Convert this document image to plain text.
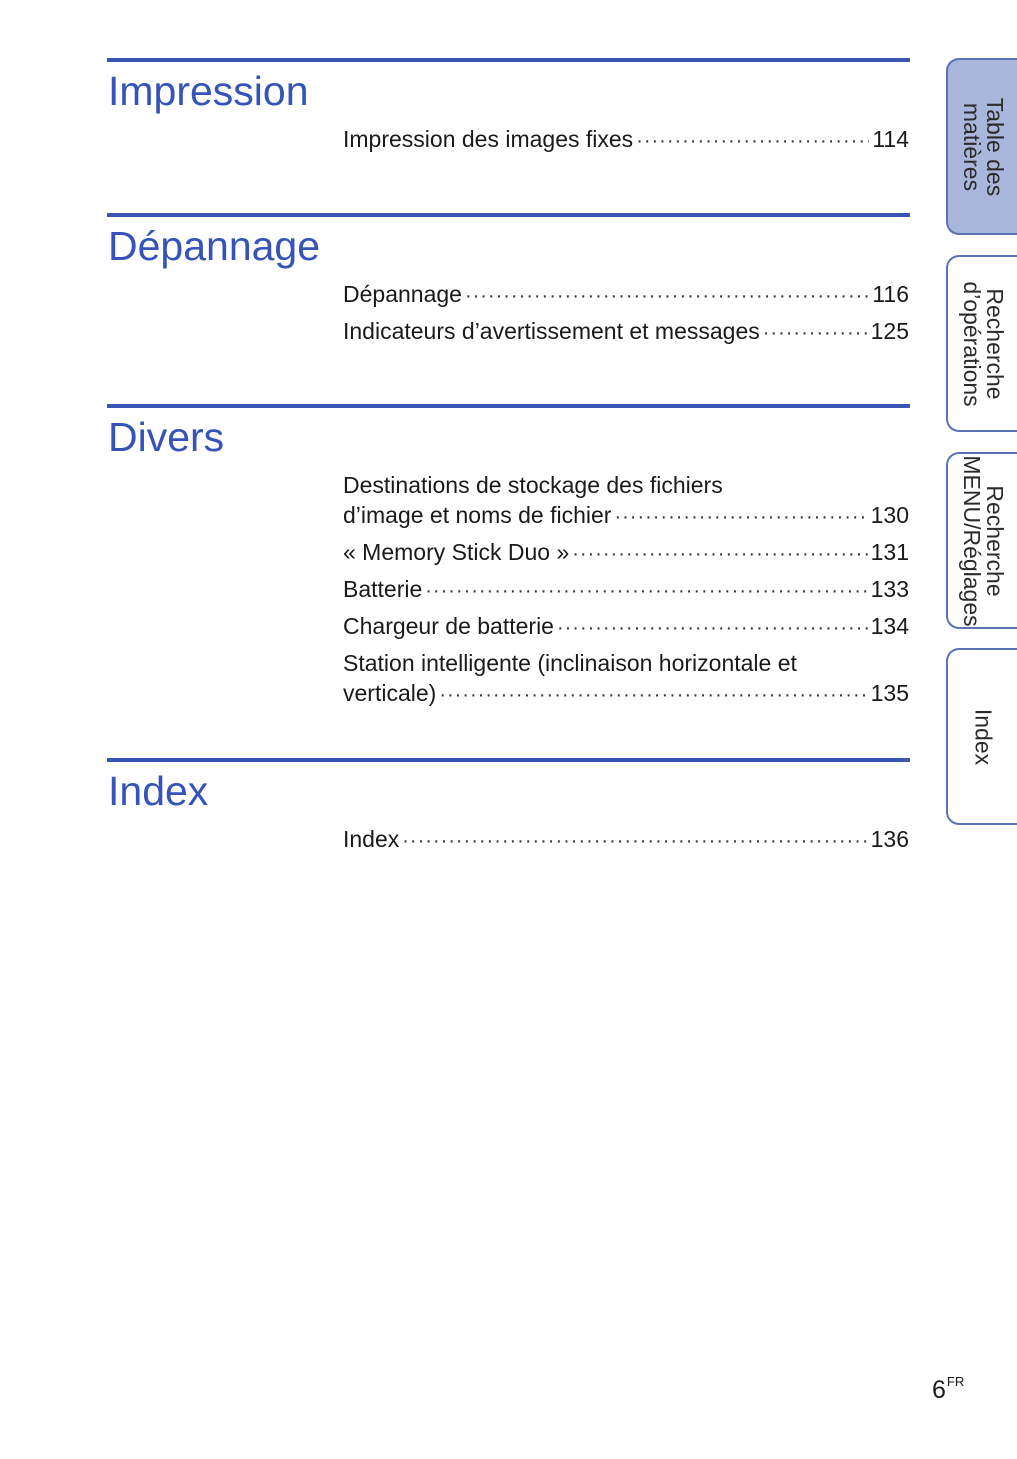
Impression
Impression des images fixes ·····	114
Dépannage
Dépannage ·····	116
Indicateurs d’avertissement et messages ·····	125
Divers
Destinations de stockage des fichiers
d’image et noms de fichier ·····	130
« Memory Stick Duo » ·····	131
Batterie ·····	133
Chargeur de batterie ·····	134
Station intelligente (inclinaison horizontale et
verticale) ·····	135
Index
Index ·····	136
Table des
matières
Recherche
d’opérations
Recherche
MENU/Réglages
Index
$6^{FR}$
